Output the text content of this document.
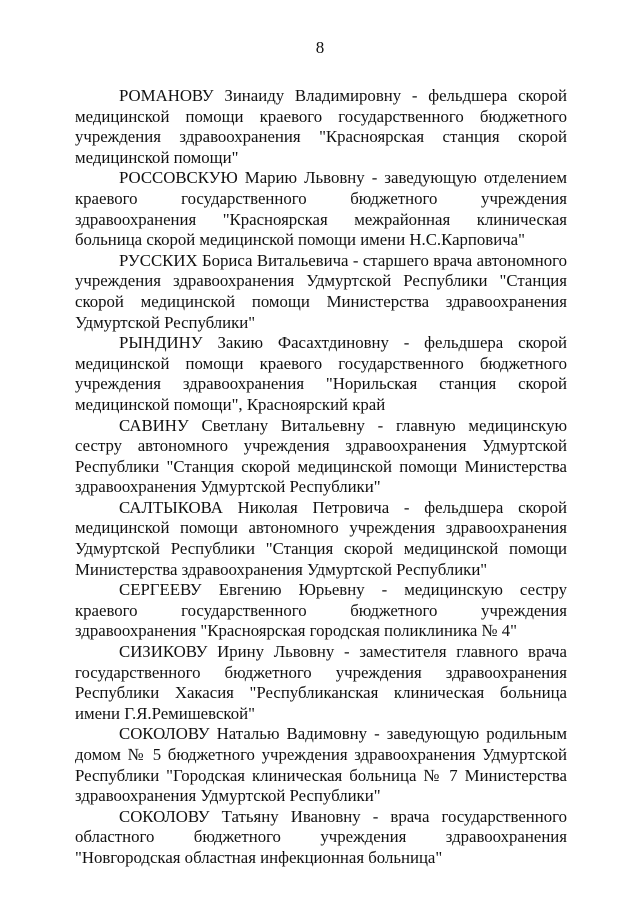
8

РОМАНОВУ Зинаиду Владимировну - фельдшера скорой медицинской помощи краевого государственного бюджетного учреждения здравоохранения "Красноярская станция скорой медицинской помощи"

РОССОВСКУЮ Марию Львовну - заведующую отделением краевого государственного бюджетного учреждения здравоохранения "Красноярская межрайонная клиническая больница скорой медицинской помощи имени Н.С.Карповича"

РУССКИХ Бориса Витальевича - старшего врача автономного учреждения здравоохранения Удмуртской Республики "Станция скорой медицинской помощи Министерства здравоохранения Удмуртской Республики"

РЫНДИНУ Закию Фасахтдиновну - фельдшера скорой медицинской помощи краевого государственного бюджетного учреждения здравоохранения "Норильская станция скорой медицинской помощи", Красноярский край

САВИНУ Светлану Витальевну - главную медицинскую сестру автономного учреждения здравоохранения Удмуртской Республики "Станция скорой медицинской помощи Министерства здравоохранения Удмуртской Республики"

САЛТЫКОВА Николая Петровича - фельдшера скорой медицинской помощи автономного учреждения здравоохранения Удмуртской Республики "Станция скорой медицинской помощи Министерства здравоохранения Удмуртской Республики"

СЕРГЕЕВУ Евгению Юрьевну - медицинскую сестру краевого государственного бюджетного учреждения здравоохранения "Красноярская городская поликлиника № 4"

СИЗИКОВУ Ирину Львовну - заместителя главного врача государственного бюджетного учреждения здравоохранения Республики Хакасия "Республиканская клиническая больница имени Г.Я.Ремишевской"

СОКОЛОВУ Наталью Вадимовну - заведующую родильным домом № 5 бюджетного учреждения здравоохранения Удмуртской Республики "Городская клиническая больница № 7 Министерства здравоохранения Удмуртской Республики"

СОКОЛОВУ Татьяну Ивановну - врача государственного областного бюджетного учреждения здравоохранения "Новгородская областная инфекционная больница"
